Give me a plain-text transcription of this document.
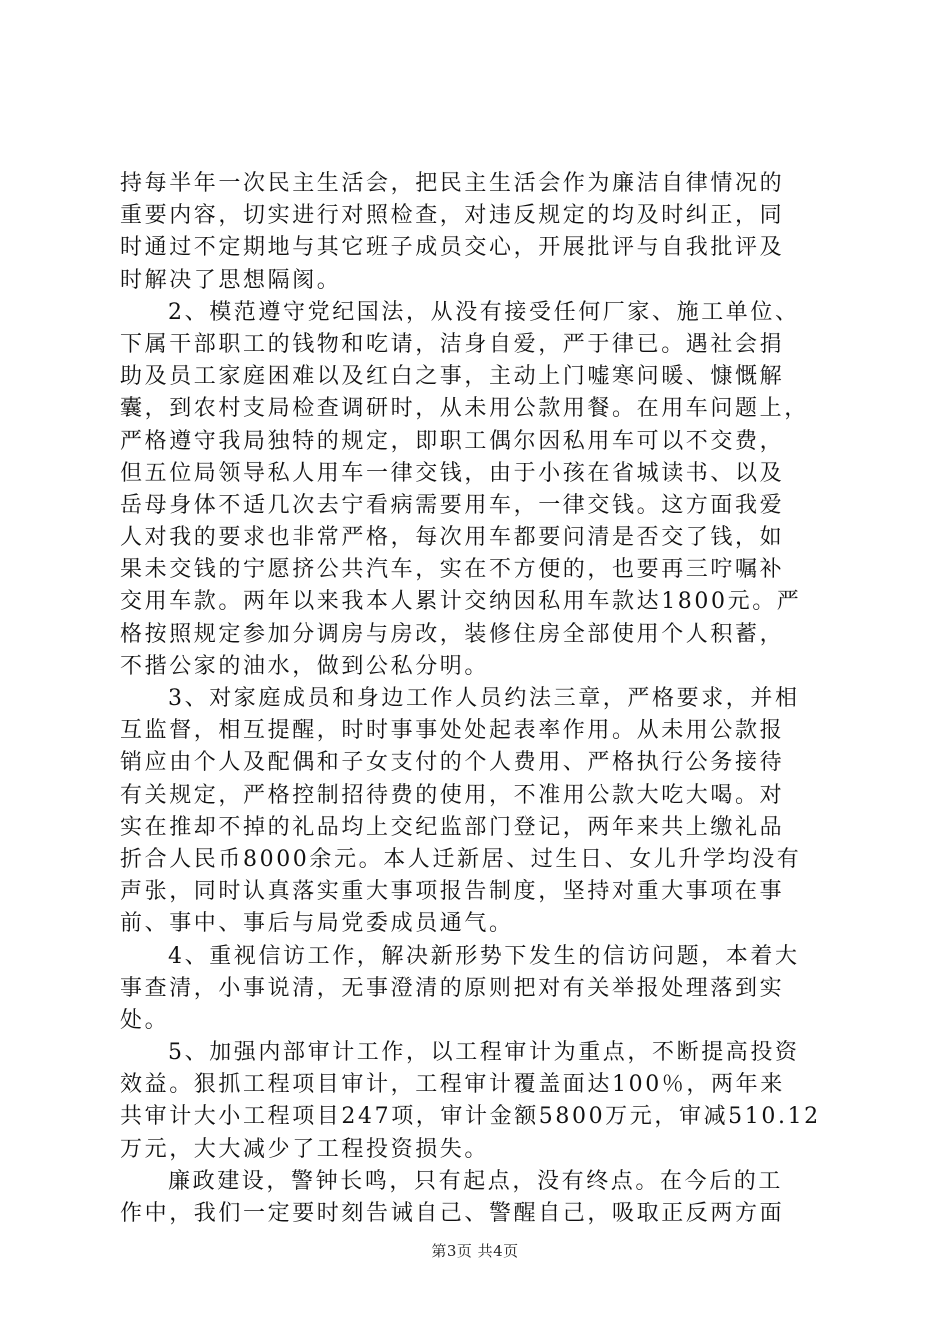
持每半年一次民主生活会，把民主生活会作为廉洁自律情况的
重要内容，切实进行对照检查，对违反规定的均及时纠正，同
时通过不定期地与其它班子成员交心，开展批评与自我批评及
时解决了思想隔阂。
2、模范遵守党纪国法，从没有接受任何厂家、施工单位、
下属干部职工的钱物和吃请，洁身自爱，严于律已。遇社会捐
助及员工家庭困难以及红白之事，主动上门嘘寒问暖、慷慨解
囊，到农村支局检查调研时，从未用公款用餐。在用车问题上，
严格遵守我局独特的规定，即职工偶尔因私用车可以不交费，
但五位局领导私人用车一律交钱，由于小孩在省城读书、以及
岳母身体不适几次去宁看病需要用车，一律交钱。这方面我爱
人对我的要求也非常严格，每次用车都要问清是否交了钱，如
果未交钱的宁愿挤公共汽车，实在不方便的，也要再三咛嘱补
交用车款。两年以来我本人累计交纳因私用车款达1800元。严
格按照规定参加分调房与房改，装修住房全部使用个人积蓄，
不揩公家的油水，做到公私分明。
3、对家庭成员和身边工作人员约法三章，严格要求，并相
互监督，相互提醒，时时事事处处起表率作用。从未用公款报
销应由个人及配偶和子女支付的个人费用、严格执行公务接待
有关规定，严格控制招待费的使用，不准用公款大吃大喝。对
实在推却不掉的礼品均上交纪监部门登记，两年来共上缴礼品
折合人民币8000余元。本人迁新居、过生日、女儿升学均没有
声张，同时认真落实重大事项报告制度，坚持对重大事项在事
前、事中、事后与局党委成员通气。
4、重视信访工作，解决新形势下发生的信访问题，本着大
事查清，小事说清，无事澄清的原则把对有关举报处理落到实
处。
5、加强内部审计工作，以工程审计为重点，不断提高投资
效益。狠抓工程项目审计，工程审计覆盖面达100％，两年来
共审计大小工程项目247项，审计金额5800万元，审减510.12
万元，大大减少了工程投资损失。
廉政建设，警钟长鸣，只有起点，没有终点。在今后的工
作中，我们一定要时刻告诫自己、警醒自己，吸取正反两方面
第3页 共4页
